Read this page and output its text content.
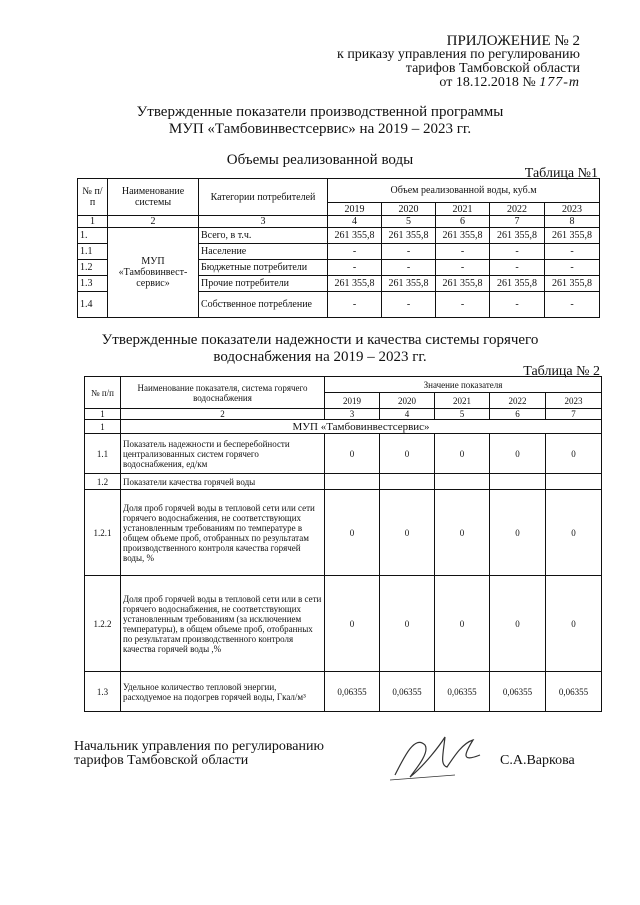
ПРИЛОЖЕНИЕ № 2
к приказу управления по регулированию
тарифов Тамбовской области
от 18.12.2018 № 177-т
Утвержденные показатели производственной программы
МУП «Тамбовинвестсервис» на 2019 – 2023 гг.
Объемы реализованной воды
Таблица №1
№ п/п	Наименование системы	Категории потребителей	Объем реализованной воды, куб.м				
			2019	2020	2021	2022	2023
1	2	3	4	5	6	7	8
1.	МУП «Тамбовинвест-сервис»	Всего, в т.ч.	261 355,8	261 355,8	261 355,8	261 355,8	261 355,8
1.1		Население	-	-	-	-	-
1.2		Бюджетные потребители	-	-	-	-	-
1.3		Прочие потребители	261 355,8	261 355,8	261 355,8	261 355,8	261 355,8
1.4		Собственное потребление	-	-	-	-	-
Утвержденные показатели надежности и качества системы горячего
водоснабжения на 2019 – 2023 гг.
Таблица № 2
№ п/п	Наименование показателя, система горячего водоснабжения	Значение показателя				
		2019	2020	2021	2022	2023
1	2	3	4	5	6	7
1	МУП «Тамбовинвестсервис»					
1.1	Показатель надежности и бесперебойности централизованных систем горячего водоснабжения, ед/км	0	0	0	0	0
1.2	Показатели качества горячей воды					
1.2.1	Доля проб горячей воды в тепловой сети или сети горячего водоснабжения, не соответствующих установленным требованиям по температуре в общем объеме проб, отобранных по результатам производственного контроля качества горячей воды, %	0	0	0	0	0
1.2.2	Доля проб горячей воды в тепловой сети или в сети горячего водоснабжения, не соответствующих установленным требованиям (за исключением температуры), в общем объеме проб, отобранных по результатам производственного контроля качества горячей воды ,%	0	0	0	0	0
1.3	Удельное количество тепловой энергии, расходуемое на подогрев горячей воды, Гкал/м³	0,06355	0,06355	0,06355	0,06355	0,06355
Начальник управления по регулированию
тарифов Тамбовской области	С.А.Варкова
